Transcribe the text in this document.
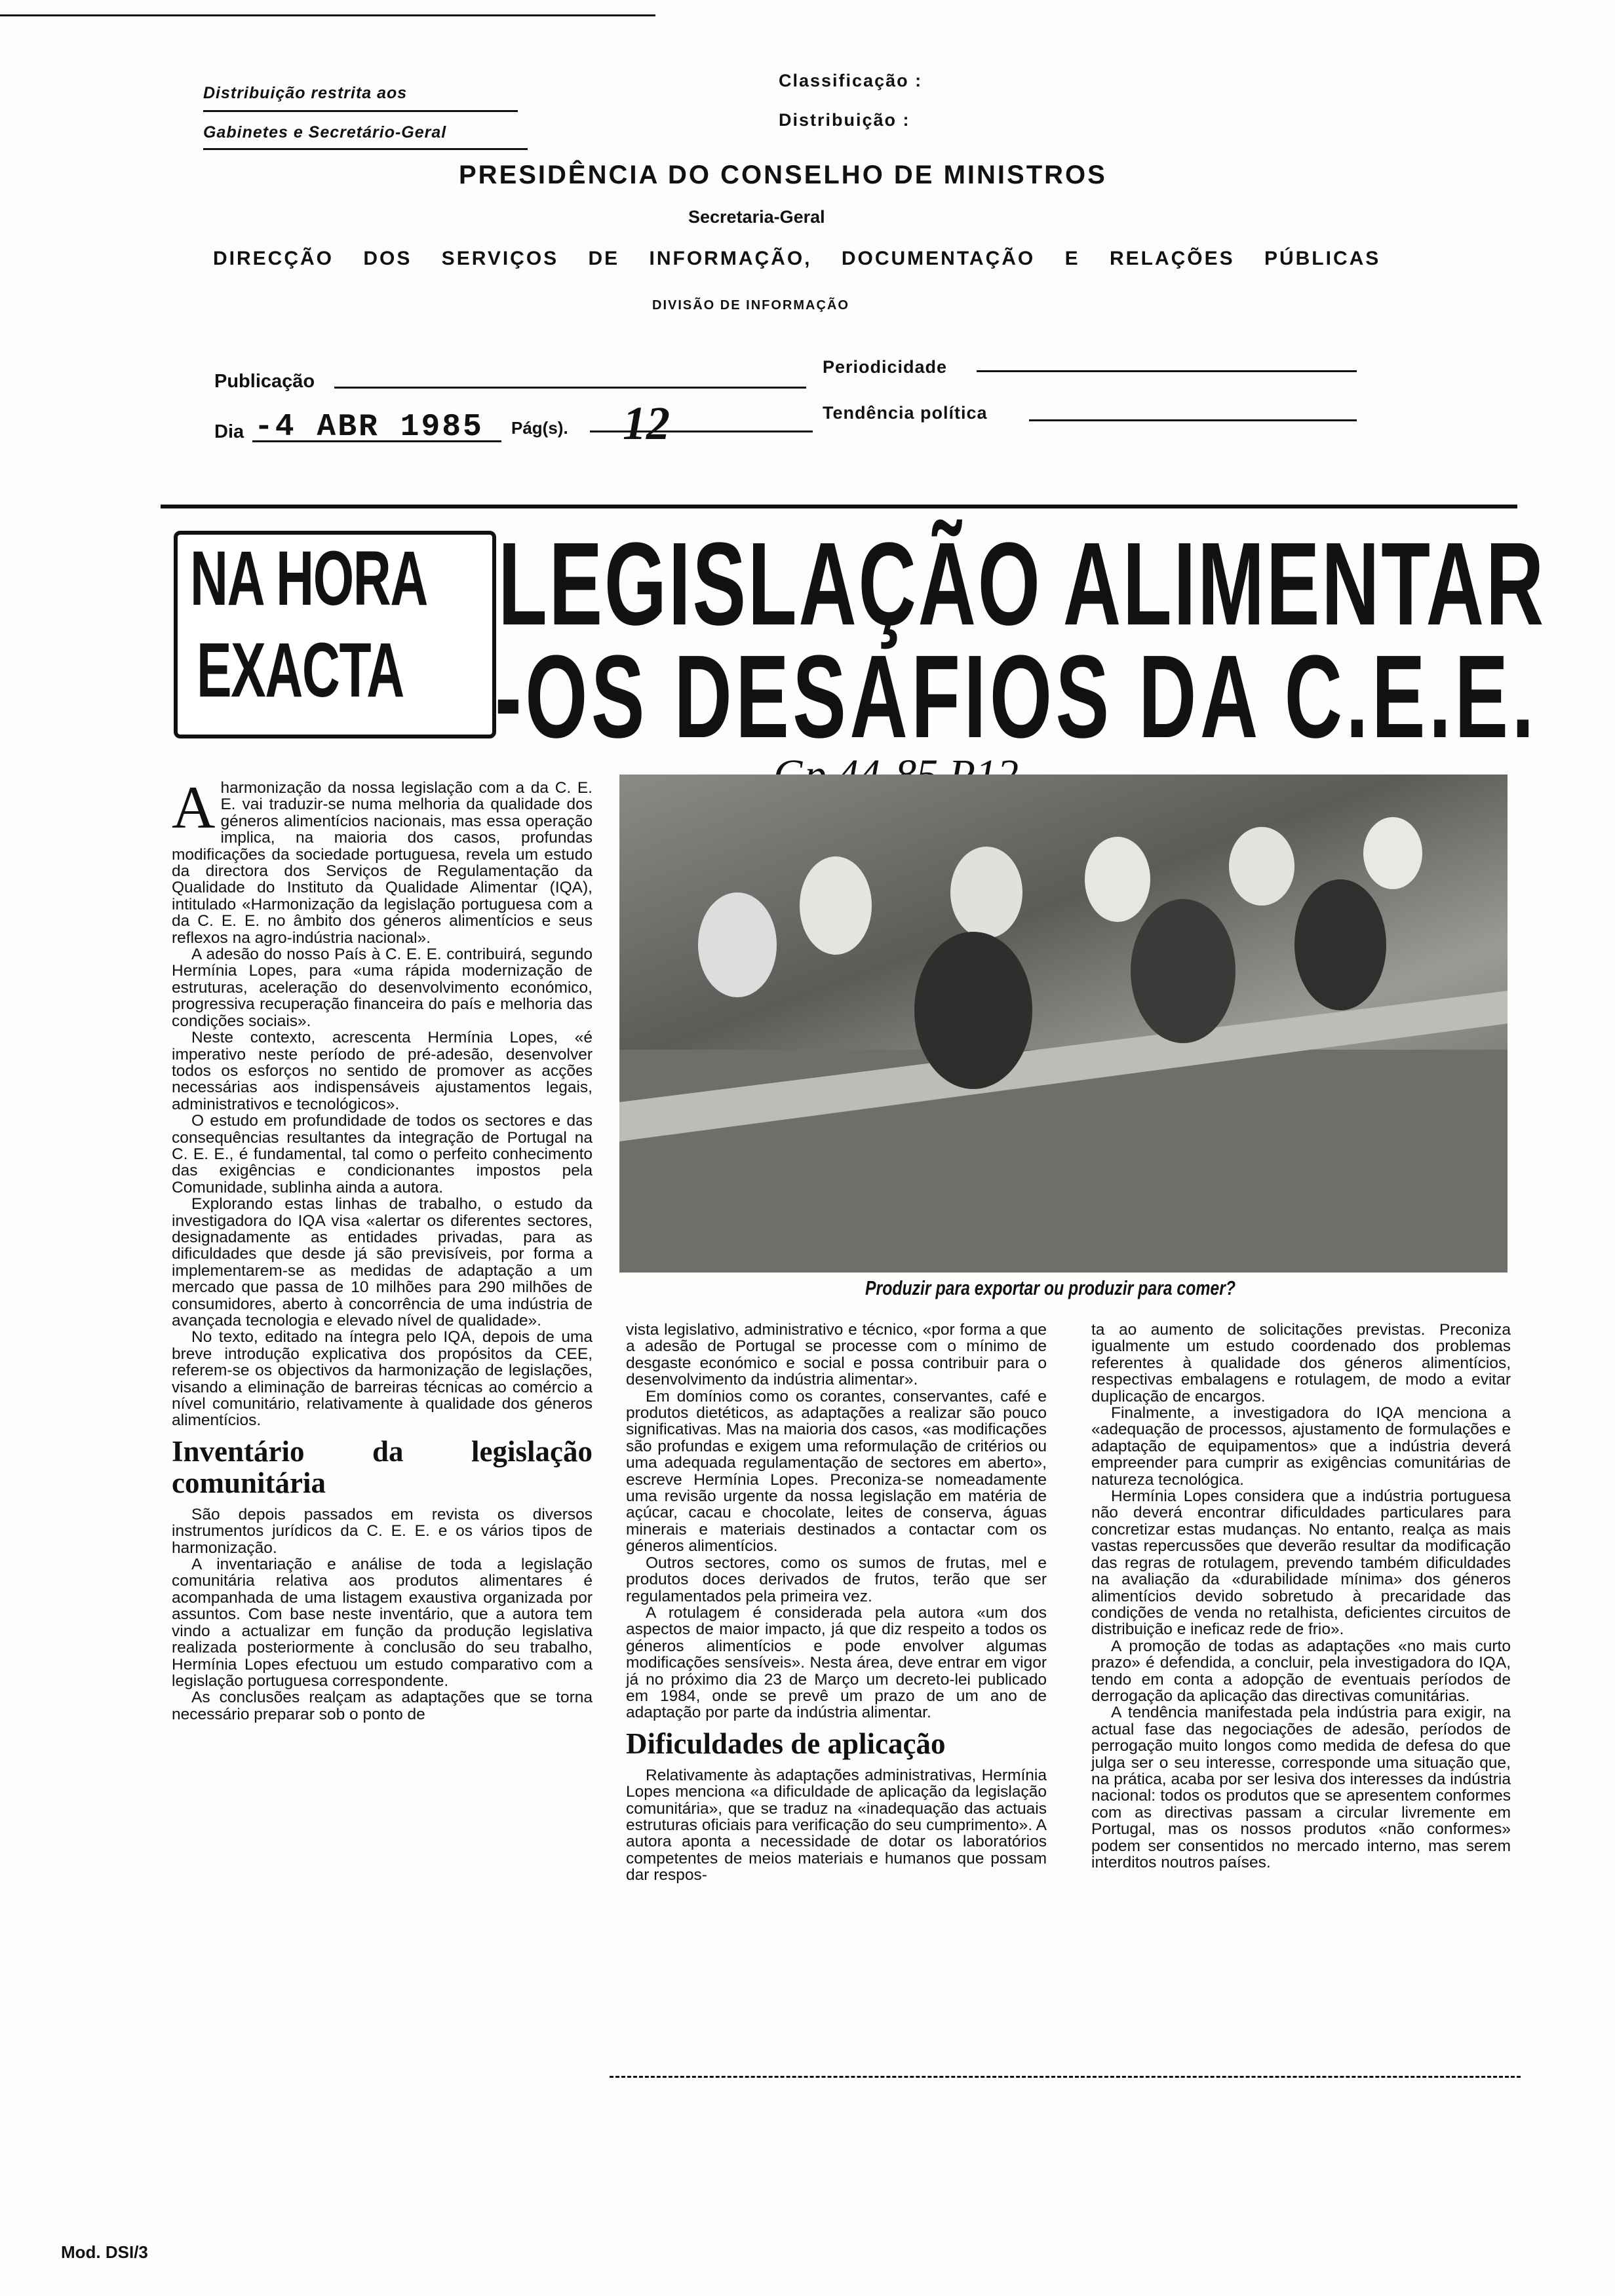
Distribuição restrita aos
Gabinetes e Secretário-Geral
Classificação :
Distribuição :
PRESIDÊNCIA DO CONSELHO DE MINISTROS
Secretaria-Geral
DIRECÇÃO DOS SERVIÇOS DE INFORMAÇÃO, DOCUMENTAÇÃO E RELAÇÕES PÚBLICAS
DIVISÃO DE INFORMAÇÃO
Publicação
Periodicidade
Dia -4 ABR 1985 Pág(s). 12	Tendência política
NA HORA
EXACTA
LEGISLAÇÃO ALIMENTAR
-OS DESAFIOS DA C.E.E.
Produzir para exportar ou produzir para comer?
A harmonização da nossa legislação com a da C. E. E. vai traduzir-se numa melhoria da qualidade dos géneros alimentícios nacionais, mas essa operação implica, na maioria dos casos, profundas modificações da sociedade portuguesa, revela um estudo da directora dos Serviços de Regulamentação da Qualidade do Instituto da Qualidade Alimentar (IQA), intitulado «Harmonização da legislação portuguesa com a da C. E. E. no âmbito dos géneros alimentícios e seus reflexos na agro-indústria nacional».

A adesão do nosso País à C. E. E. contribuirá, segundo Hermínia Lopes, para «uma rápida modernização de estruturas, aceleração do desenvolvimento económico, progressiva recuperação financeira do país e melhoria das condições sociais».

Neste contexto, acrescenta Hermínia Lopes, «é imperativo neste período de pré-adesão, desenvolver todos os esforços no sentido de promover as acções necessárias aos indispensáveis ajustamentos legais, administrativos e tecnológicos».

O estudo em profundidade de todos os sectores e das consequências resultantes da integração de Portugal na C. E. E., é fundamental, tal como o perfeito conhecimento das exigências e condicionantes impostos pela Comunidade, sublinha ainda a autora.

Explorando estas linhas de trabalho, o estudo da investigadora do IQA visa «alertar os diferentes sectores, designadamente as entidades privadas, para as dificuldades que desde já são previsíveis, por forma a implementarem-se as medidas de adaptação a um mercado que passa de 10 milhões para 290 milhões de consumidores, aberto à concorrência de uma indústria de avançada tecnologia e elevado nível de qualidade».

No texto, editado na íntegra pelo IQA, depois de uma breve introdução explicativa dos propósitos da CEE, referem-se os objectivos da harmonização de legislações, visando a eliminação de barreiras técnicas ao comércio a nível comunitário, relativamente à qualidade dos géneros alimentícios.

Inventário da legislação comunitária

São depois passados em revista os diversos instrumentos jurídicos da C. E. E. e os vários tipos de harmonização.

A inventariação e análise de toda a legislação comunitária relativa aos produtos alimentares é acompanhada de uma listagem exaustiva organizada por assuntos. Com base neste inventário, que a autora tem vindo a actualizar em função da produção legislativa realizada posteriormente à conclusão do seu trabalho, Hermínia Lopes efectuou um estudo comparativo com a legislação portuguesa correspondente.

As conclusões realçam as adaptações que se torna necessário preparar sob o ponto de

vista legislativo, administrativo e técnico, «por forma a que a adesão de Portugal se processe com o mínimo de desgaste económico e social e possa contribuir para o desenvolvimento da indústria alimentar».

Em domínios como os corantes, conservantes, café e produtos dietéticos, as adaptações a realizar são pouco significativas. Mas na maioria dos casos, «as modificações são profundas e exigem uma reformulação de critérios ou uma adequada regulamentação de sectores em aberto», escreve Hermínia Lopes. Preconiza-se nomeadamente uma revisão urgente da nossa legislação em matéria de açúcar, cacau e chocolate, leites de conserva, águas minerais e materiais destinados a contactar com os géneros alimentícios.

Outros sectores, como os sumos de frutas, mel e produtos doces derivados de frutos, terão que ser regulamentados pela primeira vez.

A rotulagem é considerada pela autora «um dos aspectos de maior impacto, já que diz respeito a todos os géneros alimentícios e pode envolver algumas modificações sensíveis». Nesta área, deve entrar em vigor já no próximo dia 23 de Março um decreto-lei publicado em 1984, onde se prevê um prazo de um ano de adaptação por parte da indústria alimentar.

Dificuldades de aplicação

Relativamente às adaptações administrativas, Hermínia Lopes menciona «a dificuldade de aplicação da legislação comunitária», que se traduz na «inadequação das actuais estruturas oficiais para verificação do seu cumprimento». A autora aponta a necessidade de dotar os laboratórios competentes de meios materiais e humanos que possam dar respos-

ta ao aumento de solicitações previstas. Preconiza igualmente um estudo coordenado dos problemas referentes à qualidade dos géneros alimentícios, respectivas embalagens e rotulagem, de modo a evitar duplicação de encargos.

Finalmente, a investigadora do IQA menciona a «adequação de processos, ajustamento de formulações e adaptação de equipamentos» que a indústria deverá empreender para cumprir as exigências comunitárias de natureza tecnológica.

Hermínia Lopes considera que a indústria portuguesa não deverá encontrar dificuldades particulares para concretizar estas mudanças. No entanto, realça as mais vastas repercussões que deverão resultar da modificação das regras de rotulagem, prevendo também dificuldades na avaliação da «durabilidade mínima» dos géneros alimentícios devido sobretudo à precaridade das condições de venda no retalhista, deficientes circuitos de distribuição e ineficaz rede de frio».

A promoção de todas as adaptações «no mais curto prazo» é defendida, a concluir, pela investigadora do IQA, tendo em conta a adopção de eventuais períodos de derrogação da aplicação das directivas comunitárias.

A tendência manifestada pela indústria para exigir, na actual fase das negociações de adesão, períodos de perrogação muito longos como medida de defesa do que julga ser o seu interesse, corresponde uma situação que, na prática, acaba por ser lesiva dos interesses da indústria nacional: todos os produtos que se apresentem conformes com as directivas passam a circular livremente em Portugal, mas os nossos produtos «não conformes» podem ser consentidos no mercado interno, mas serem interditos noutros países.

Mod. DSI/3
